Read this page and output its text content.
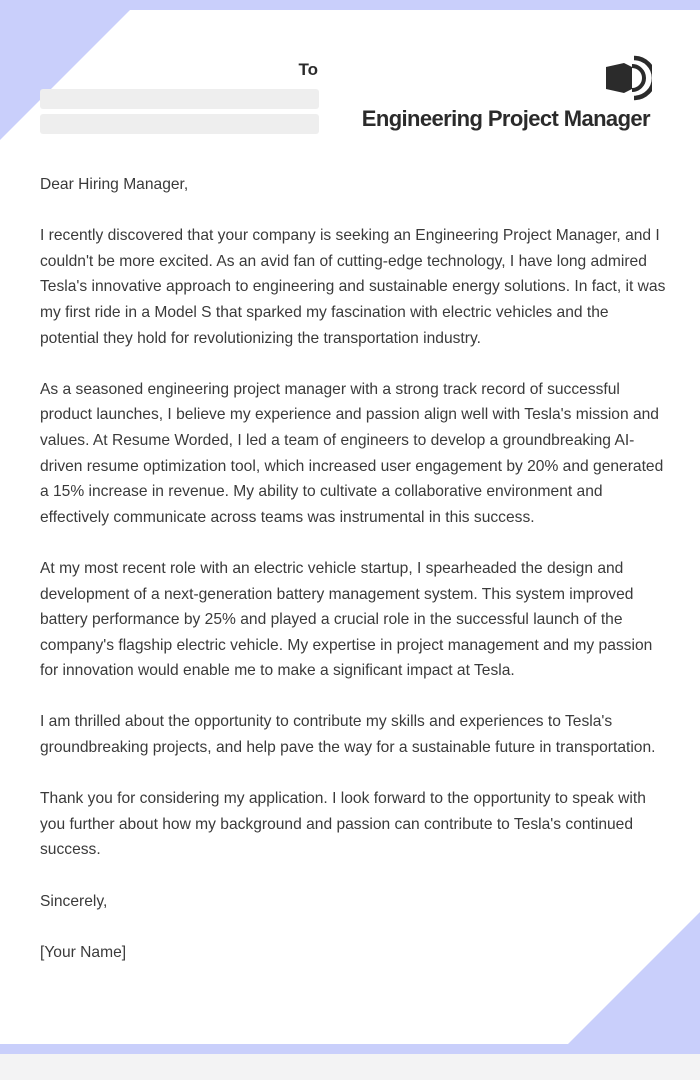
To
Engineering Project Manager

Dear Hiring Manager,

I recently discovered that your company is seeking an Engineering Project Manager, and I couldn't be more excited. As an avid fan of cutting-edge technology, I have long admired Tesla's innovative approach to engineering and sustainable energy solutions. In fact, it was my first ride in a Model S that sparked my fascination with electric vehicles and the potential they hold for revolutionizing the transportation industry.

As a seasoned engineering project manager with a strong track record of successful product launches, I believe my experience and passion align well with Tesla's mission and values. At Resume Worded, I led a team of engineers to develop a groundbreaking AI-driven resume optimization tool, which increased user engagement by 20% and generated a 15% increase in revenue. My ability to cultivate a collaborative environment and effectively communicate across teams was instrumental in this success.

At my most recent role with an electric vehicle startup, I spearheaded the design and development of a next-generation battery management system. This system improved battery performance by 25% and played a crucial role in the successful launch of the company's flagship electric vehicle. My expertise in project management and my passion for innovation would enable me to make a significant impact at Tesla.

I am thrilled about the opportunity to contribute my skills and experiences to Tesla's groundbreaking projects, and help pave the way for a sustainable future in transportation.

Thank you for considering my application. I look forward to the opportunity to speak with you further about how my background and passion can contribute to Tesla's continued success.

Sincerely,

[Your Name]
